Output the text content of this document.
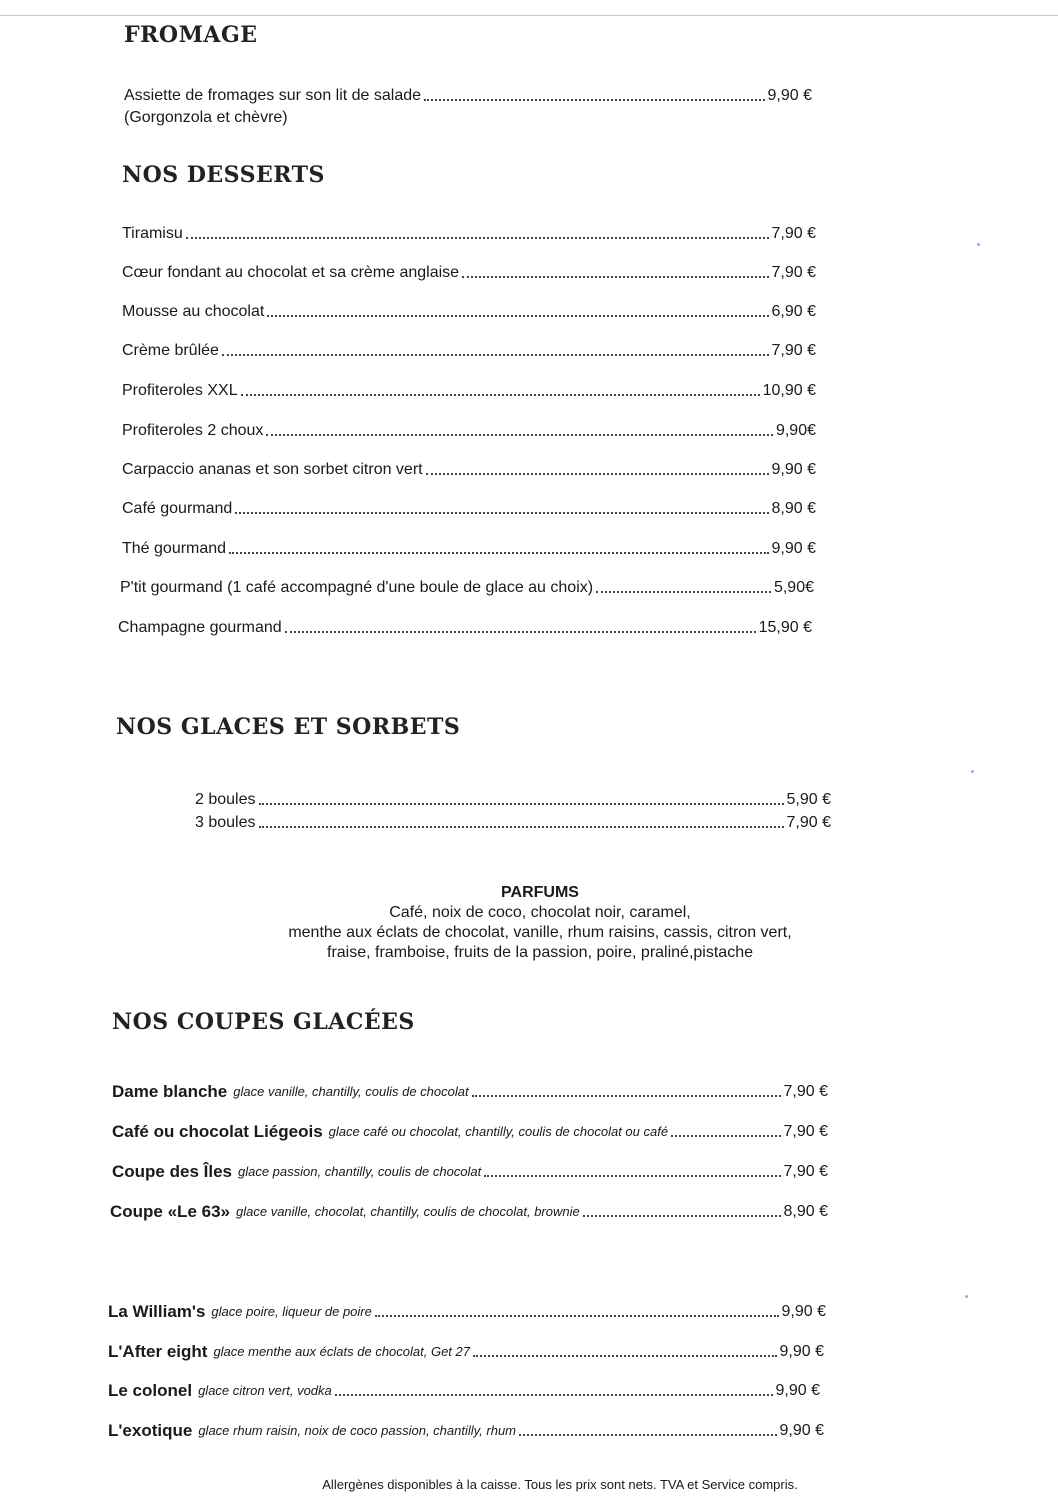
FROMAGE
Assiette de fromages sur son lit de salade	9,90 €
(Gorgonzola et chèvre)
NOS DESSERTS
Tiramisu	7,90 €
Cœur fondant au chocolat et sa crème anglaise	7,90 €
Mousse au chocolat	6,90 €
Crème brûlée	7,90 €
Profiteroles XXL	10,90 €
Profiteroles 2 choux	9,90€
Carpaccio ananas et son sorbet citron vert	9,90 €
Café gourmand	8,90 €
Thé gourmand	9,90 €
P'tit gourmand (1 café accompagné d'une boule de glace au choix)	5,90€
Champagne gourmand	15,90 €
NOS GLACES ET SORBETS
2 boules	5,90 €
3 boules	7,90 €
PARFUMS
Café, noix de coco, chocolat noir, caramel,
menthe aux éclats de chocolat, vanille, rhum raisins, cassis, citron vert,
fraise, framboise, fruits de la passion, poire, praliné,pistache
NOS COUPES GLACÉES
Dame blanche glace vanille, chantilly, coulis de chocolat	7,90 €
Café ou chocolat Liégeois glace café ou chocolat, chantilly, coulis de chocolat ou café	7,90 €
Coupe des Îles glace passion, chantilly, coulis de chocolat	7,90 €
Coupe «Le 63» glace vanille, chocolat, chantilly, coulis de chocolat, brownie	8,90 €
La William's glace poire, liqueur de poire	9,90 €
L'After eight glace menthe aux éclats de chocolat, Get 27	9,90 €
Le colonel glace citron vert, vodka	9,90 €
L'exotique glace rhum raisin, noix de coco passion, chantilly, rhum	9,90 €
Allergènes disponibles à la caisse. Tous les prix sont nets. TVA et Service compris.
